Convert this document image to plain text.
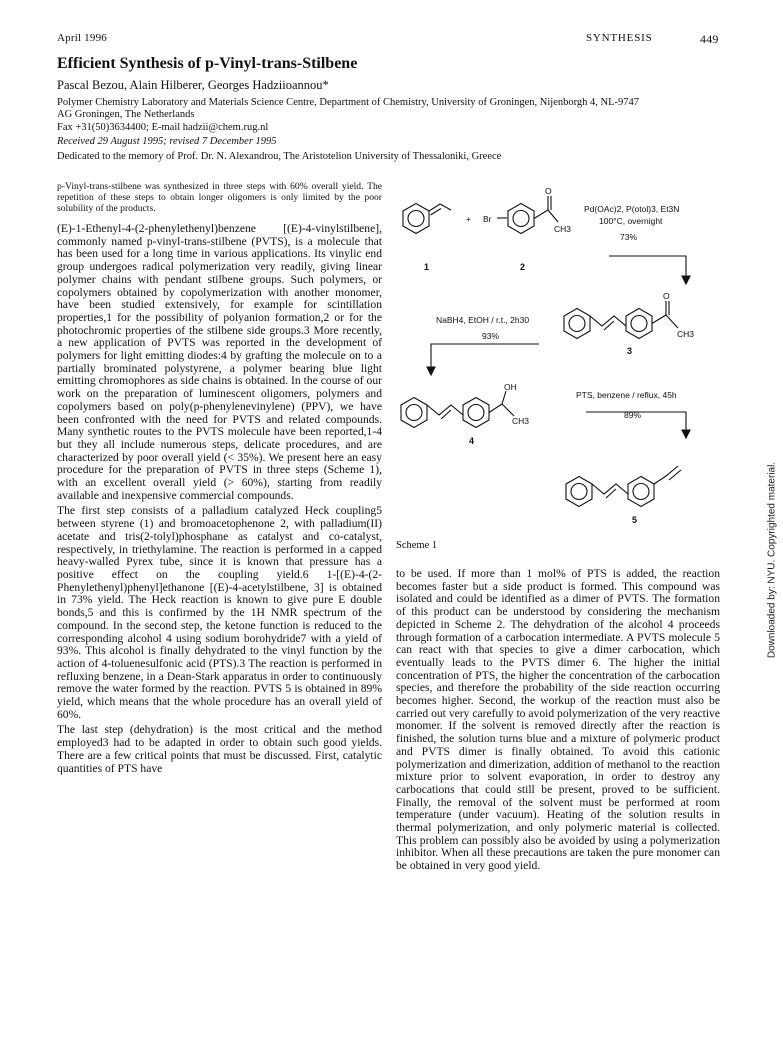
April 1996	SYNTHESIS	449
Efficient Synthesis of p-Vinyl-trans-Stilbene
Pascal Bezou, Alain Hilberer, Georges Hadziioannou*
Polymer Chemistry Laboratory and Materials Science Centre, Department of Chemistry, University of Groningen, Nijenborgh 4, NL-9747
AG Groningen, The Netherlands
Fax +31(50)3634400; E-mail hadzii@chem.rug.nl
Received 29 August 1995; revised 7 December 1995
Dedicated to the memory of Prof. Dr. N. Alexandrou, The Aristotelion University of Thessaloniki, Greece
p-Vinyl-trans-stilbene was synthesized in three steps with 60% overall yield. The repetition of these steps to obtain longer oligomers is only limited by the poor solubility of the products.

(E)-1-Ethenyl-4-(2-phenylethenyl)benzene [(E)-4-vinylstilbene], commonly named p-vinyl-trans-stilbene (PVTS), is a molecule that has been used for a long time in various applications. Its vinylic end group undergoes radical polymerization very readily, giving linear polymer chains with pendant stilbene groups. Such polymers, or copolymers obtained by copolymerization with another monomer, have been studied extensively, for example for scintillation properties,1 for the possibility of polyanion formation,2 or for the photochromic properties of the stilbene side groups.3 More recently, a new application of PVTS was reported in the development of polymers for light emitting diodes:4 by grafting the molecule on to a partially brominated polystyrene, a polymer bearing blue light emitting chromophores as side chains is obtained. In the course of our work on the preparation of luminescent oligomers, polymers and copolymers based on poly(p-phenylenevinylene) (PPV), we have been confronted with the need for PVTS and related compounds. Many synthetic routes to the PVTS molecule have been reported,1-4 but they all include numerous steps, delicate procedures, and are characterized by poor overall yield (< 35%). We present here an easy procedure for the preparation of PVTS in three steps (Scheme 1), with an excellent overall yield (> 60%), starting from readily available and inexpensive commercial compounds.

The first step consists of a palladium catalyzed Heck coupling5 between styrene (1) and bromoacetophenone 2, with palladium(II) acetate and tris(2-tolyl)phosphane as catalyst and co-catalyst, respectively, in triethylamine. The reaction is performed in a capped heavy-walled Pyrex tube, since it is known that pressure has a positive effect on the coupling yield.6 1-[(E)-4-(2-Phenylethenyl)phenyl]ethanone [(E)-4-acetylstilbene, 3] is obtained in 73% yield. The Heck reaction is known to give pure E double bonds,5 and this is confirmed by the 1H NMR spectrum of the compound. In the second step, the ketone function is reduced to the corresponding alcohol 4 using sodium borohydride7 with a yield of 93%. This alcohol is finally dehydrated to the vinyl function by the action of 4-toluenesulfonic acid (PTS).3 The reaction is performed in refluxing benzene, in a Dean-Stark apparatus in order to continuously remove the water formed by the reaction. PVTS 5 is obtained in 89% yield, which means that the whole procedure has an overall yield of 60%.

The last step (dehydration) is the most critical and the method employed3 had to be adapted in order to obtain such good yields. There are a few critical points that must be discussed. First, catalytic quantities of PTS have

+ Br
O
CH3
Pd(OAc)2, P(otol)3, Et3N
100°C, overnight
73%
1	2
NaBH4, EtOH / r.t., 2h30
93%
O
CH3
3
OH
CH3
4
PTS, benzene / reflux, 45h
89%
5
Scheme 1

to be used. If more than 1 mol% of PTS is added, the reaction becomes faster but a side product is formed. This compound was isolated and could be identified as a dimer of PVTS. The formation of this product can be understood by considering the mechanism depicted in Scheme 2. The dehydration of the alcohol 4 proceeds through formation of a carbocation intermediate. A PVTS molecule 5 can react with that species to give a dimer carbocation, which eventually leads to the PVTS dimer 6. The higher the initial concentration of PTS, the higher the concentration of the carbocation species, and therefore the probability of the side reaction occurring becomes higher. Second, the workup of the reaction must also be carried out very carefully to avoid polymerization of the very reactive monomer. If the solvent is removed directly after the reaction is finished, the solution turns blue and a mixture of polymeric product and PVTS dimer is finally obtained. To avoid this cationic polymerization and dimerization, addition of methanol to the reaction mixture prior to solvent evaporation, in order to destroy any carbocations that could still be present, proved to be sufficient. Finally, the removal of the solvent must be performed at room temperature (under vacuum). Heating of the solution results in thermal polymerization, and only polymeric material is collected. This problem can possibly also be avoided by using a polymerization inhibitor. When all these precautions are taken the pure monomer can be obtained in very good yield.

Downloaded by: NYU. Copyrighted material.
